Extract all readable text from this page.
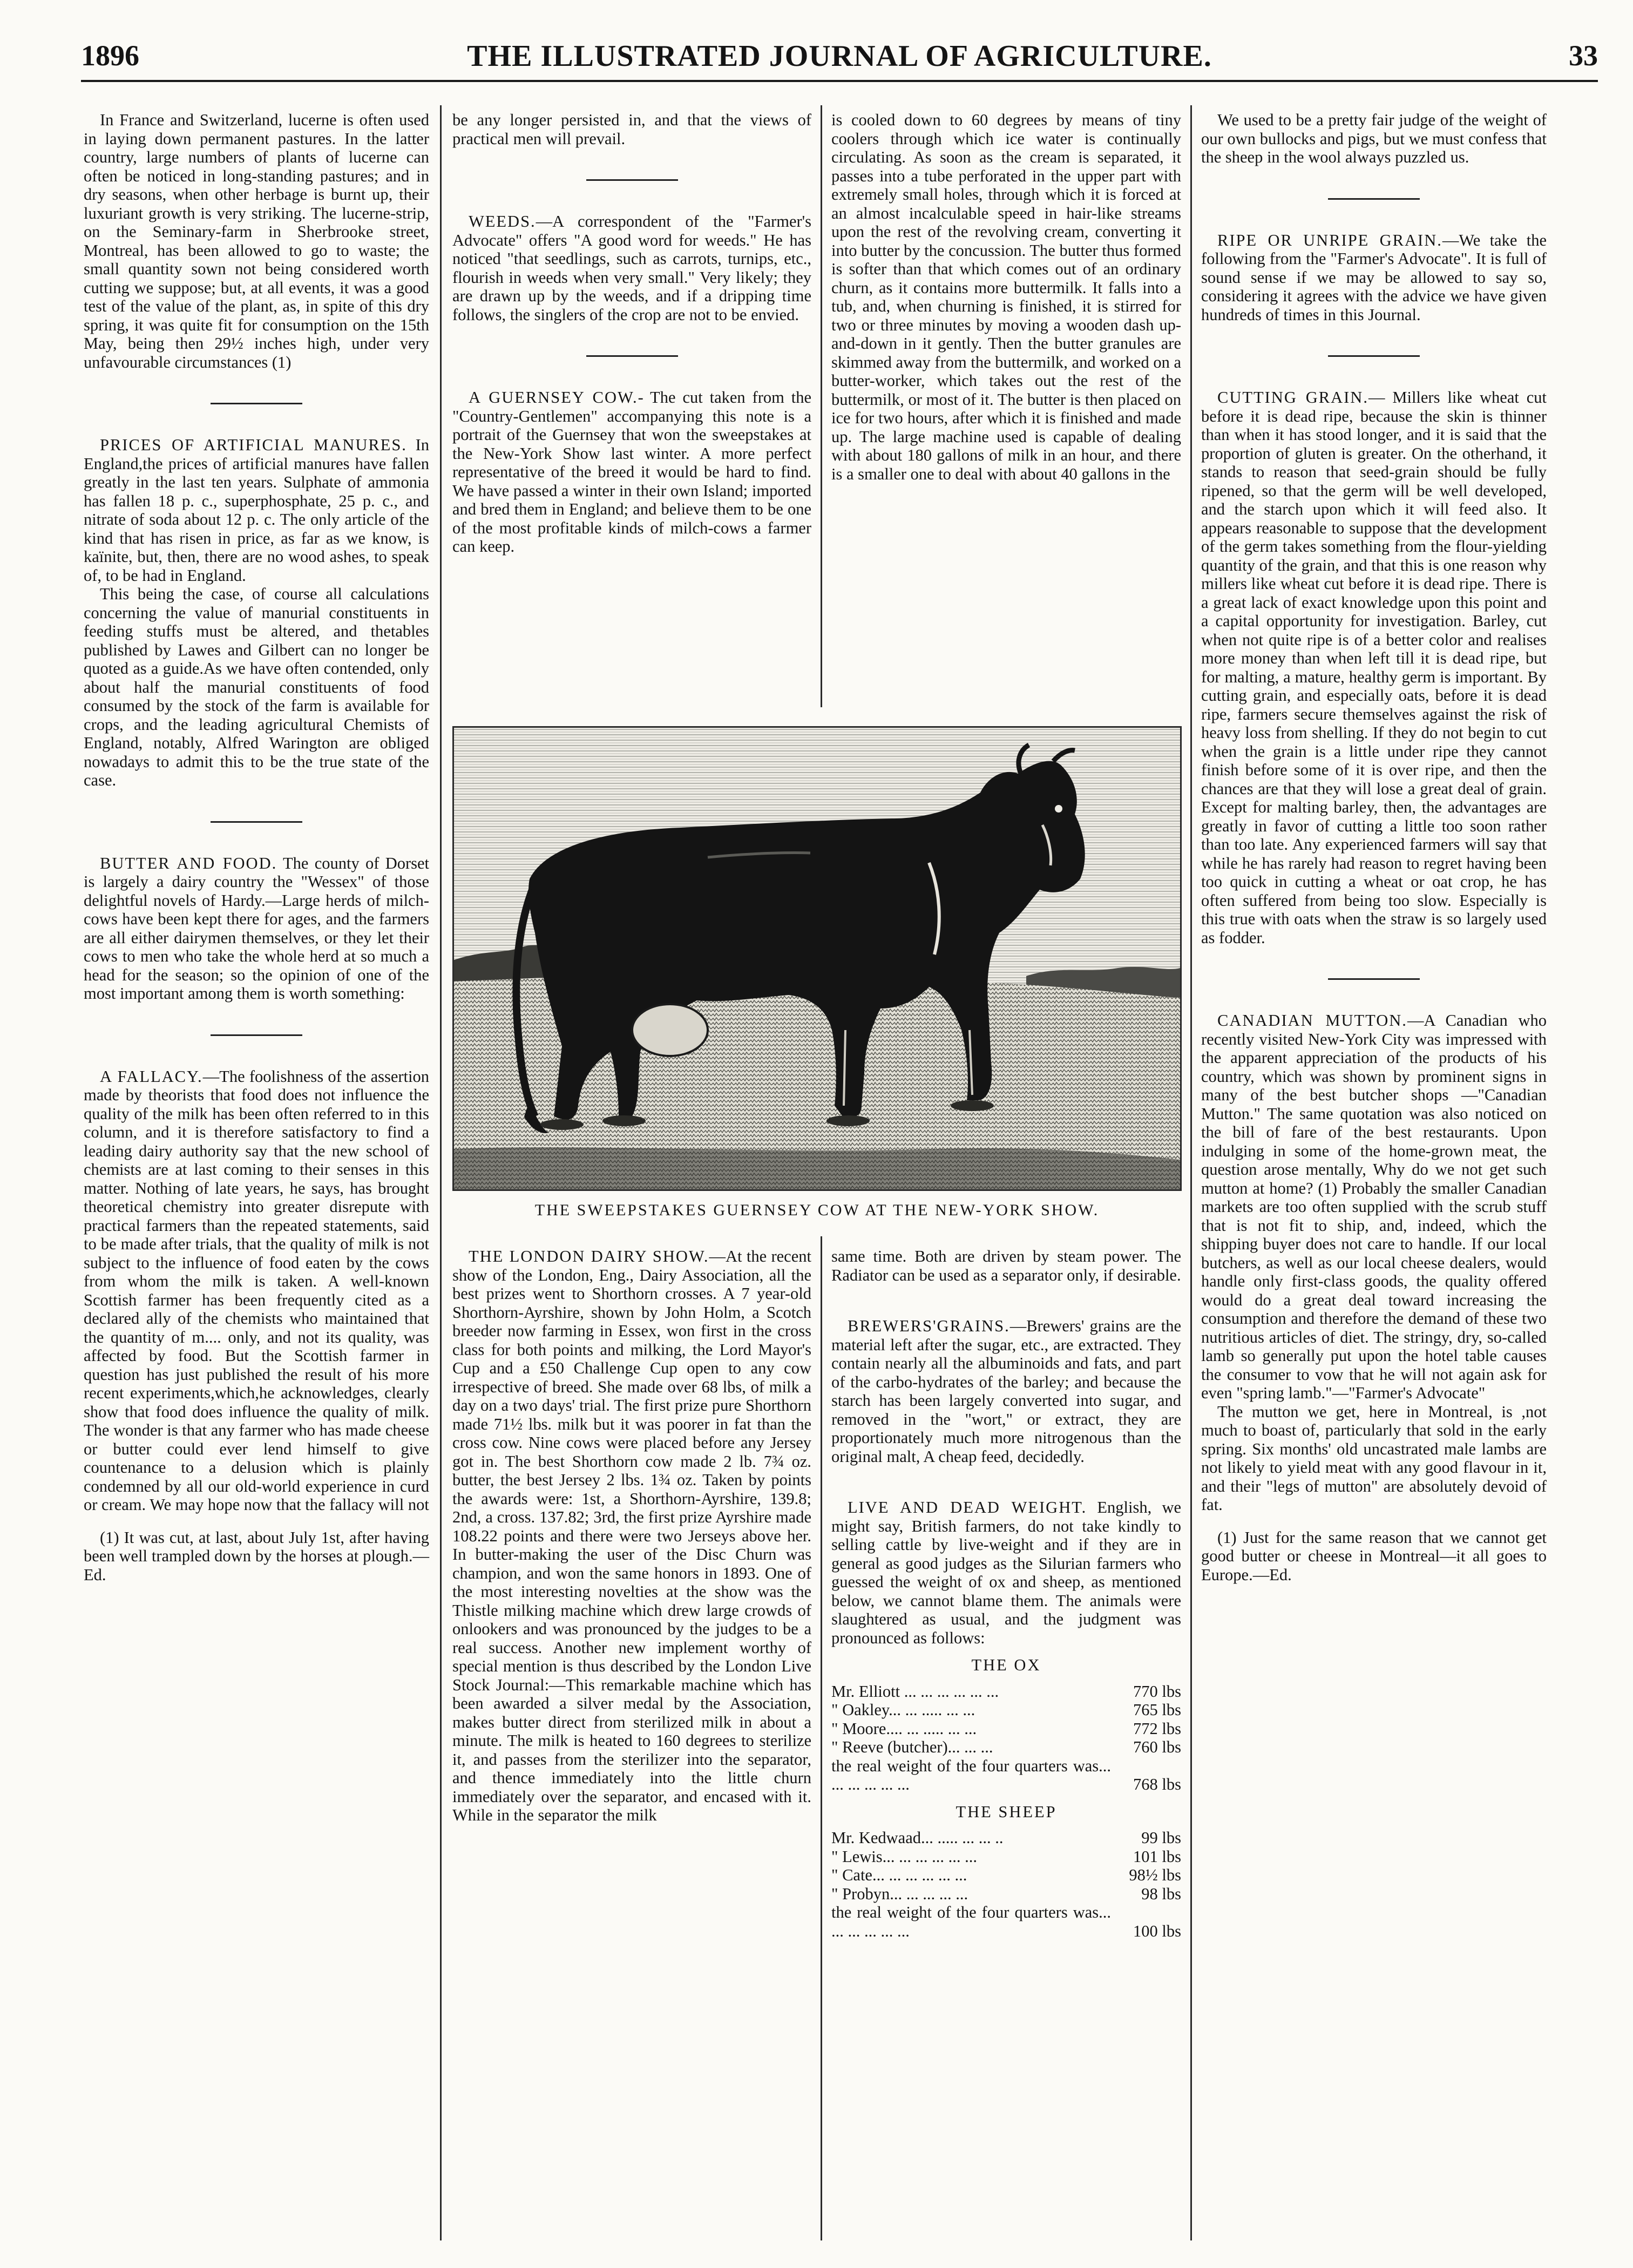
1896	THE ILLUSTRATED JOURNAL OF AGRICULTURE.	33

In France and Switzerland, lucerne is often used in laying down permanent pastures. In the latter country, large numbers of plants of lucerne can often be noticed in long-standing pastures; and in dry seasons, when other herbage is burnt up, their luxuriant growth is very striking. The lucerne-strip, on the Seminary-farm in Sherbrooke street, Montreal, has been allowed to go to waste; the small quantity sown not being considered worth cutting we suppose; but, at all events, it was a good test of the value of the plant, as, in spite of this dry spring, it was quite fit for consumption on the 15th May, being then 29½ inches high, under very unfavourable circumstances (1)

PRICES OF ARTIFICIAL MANURES. In England,the prices of artificial manures have fallen greatly in the last ten years. Sulphate of ammonia has fallen 18 p. c., superphosphate, 25 p. c., and nitrate of soda about 12 p. c. The only article of the kind that has risen in price, as far as we know, is kaïnite, but, then, there are no wood ashes, to speak of, to be had in England.

This being the case, of course all calculations concerning the value of manurial constituents in feeding stuffs must be altered, and thetables published by Lawes and Gilbert can no longer be quoted as a guide.As we have often contended, only about half the manurial constituents of food consumed by the stock of the farm is available for crops, and the leading agricultural Chemists of England, notably, Alfred Warington are obliged nowadays to admit this to be the true state of the case.

BUTTER AND FOOD. The county of Dorset is largely a dairy country the "Wessex" of those delightful novels of Hardy.—Large herds of milch-cows have been kept there for ages, and the farmers are all either dairymen themselves, or they let their cows to men who take the whole herd at so much a head for the season; so the opinion of one of the most important among them is worth something:

A FALLACY.—The foolishness of the assertion made by theorists that food does not influence the quality of the milk has been often referred to in this column, and it is therefore satisfactory to find a leading dairy authority say that the new school of chemists are at last coming to their senses in this matter. Nothing of late years, he says, has brought theoretical chemistry into greater disrepute with practical farmers than the repeated statements, said to be made after trials, that the quality of milk is not subject to the influence of food eaten by the cows from whom the milk is taken. A well-known Scottish farmer has been frequently cited as a declared ally of the chemists who maintained that the quantity of m.... only, and not its quality, was affected by food. But the Scottish farmer in question has just published the result of his more recent experiments,which,he acknowledges, clearly show that food does influence the quality of milk. The wonder is that any farmer who has made cheese or butter could ever lend himself to give countenance to a delusion which is plainly condemned by all our old-world experience in curd or cream. We may hope now that the fallacy will not

(1) It was cut, at last, about July 1st, after having been well trampled down by the horses at plough.—Ed.

be any longer persisted in, and that the views of practical men will prevail.

WEEDS.—A correspondent of the "Farmer's Advocate" offers "A good word for weeds." He has noticed "that seedlings, such as carrots, turnips, etc., flourish in weeds when very small." Very likely; they are drawn up by the weeds, and if a dripping time follows, the singlers of the crop are not to be envied.

A GUERNSEY COW.- The cut taken from the "Country-Gentlemen" accompanying this note is a portrait of the Guernsey that won the sweepstakes at the New-York Show last winter. A more perfect representative of the breed it would be hard to find. We have passed a winter in their own Island; imported and bred them in England; and believe them to be one of the most profitable kinds of milch-cows a farmer can keep.

is cooled down to 60 degrees by means of tiny coolers through which ice water is continually circulating. As soon as the cream is separated, it passes into a tube perforated in the upper part with extremely small holes, through which it is forced at an almost incalculable speed in hair-like streams upon the rest of the revolving cream, converting it into butter by the concussion. The butter thus formed is softer than that which comes out of an ordinary churn, as it contains more buttermilk. It falls into a tub, and, when churning is finished, it is stirred for two or three minutes by moving a wooden dash up-and-down in it gently. Then the butter granules are skimmed away from the buttermilk, and worked on a butter-worker, which takes out the rest of the buttermilk, or most of it. The butter is then placed on ice for two hours, after which it is finished and made up. The large machine used is capable of dealing with about 180 gallons of milk in an hour, and there is a smaller one to deal with about 40 gallons in the

THE SWEEPSTAKES GUERNSEY COW AT THE NEW-YORK SHOW.

THE LONDON DAIRY SHOW.—At the recent show of the London, Eng., Dairy Association, all the best prizes went to Shorthorn crosses. A 7 year-old Shorthorn-Ayrshire, shown by John Holm, a Scotch breeder now farming in Essex, won first in the cross class for both points and milking, the Lord Mayor's Cup and a £50 Challenge Cup open to any cow irrespective of breed. She made over 68 lbs, of milk a day on a two days' trial. The first prize pure Shorthorn made 71½ lbs. milk but it was poorer in fat than the cross cow. Nine cows were placed before any Jersey got in. The best Shorthorn cow made 2 lb. 7¾ oz. butter, the best Jersey 2 lbs. 1¾ oz. Taken by points the awards were: 1st, a Shorthorn-Ayrshire, 139.8; 2nd, a cross. 137.82; 3rd, the first prize Ayrshire made 108.22 points and there were two Jerseys above her. In butter-making the user of the Disc Churn was champion, and won the same honors in 1893. One of the most interesting novelties at the show was the Thistle milking machine which drew large crowds of onlookers and was pronounced by the judges to be a real success. Another new implement worthy of special mention is thus described by the London Live Stock Journal:—This remarkable machine which has been awarded a silver medal by the Association, makes butter direct from sterilized milk in about a minute. The milk is heated to 160 degrees to sterilize it, and passes from the sterilizer into the separator, and thence immediately into the little churn immediately over the separator, and encased with it. While in the separator the milk

same time. Both are driven by steam power. The Radiator can be used as a separator only, if desirable.

BREWERS'GRAINS.—Brewers' grains are the material left after the sugar, etc., are extracted. They contain nearly all the albuminoids and fats, and part of the carbo-hydrates of the barley; and because the starch has been largely converted into sugar, and removed in the "wort," or extract, they are proportionately much more nitrogenous than the original malt, A cheap feed, decidedly.

LIVE AND DEAD WEIGHT. English, we might say, British farmers, do not take kindly to selling cattle by live-weight and if they are in general as good judges as the Silurian farmers who guessed the weight of ox and sheep, as mentioned below, we cannot blame them. The animals were slaughtered as usual, and the judgment was pronounced as follows:

THE OX
Mr. Elliott ... ... ... ... ... ...	770 lbs
" Oakley... ... ..... ... ...	765 lbs
" Moore.... ... ..... ... ...	772 lbs
" Reeve (butcher)... ... ...	760 lbs
the real weight of the four quarters was... ... ... ... ... ...	768 lbs
THE SHEEP
Mr. Kedwaad... ..... ... ... ..	99 lbs
" Lewis... ... ... ... ... ...	101 lbs
" Cate... ... ... ... ... ...	98½ lbs
" Probyn... ... ... ... ...	98 lbs
the real weight of the four quarters was... ... ... ... ... ...	100 lbs

We used to be a pretty fair judge of the weight of our own bullocks and pigs, but we must confess that the sheep in the wool always puzzled us.

RIPE OR UNRIPE GRAIN.—We take the following from the "Farmer's Advocate". It is full of sound sense if we may be allowed to say so, considering it agrees with the advice we have given hundreds of times in this Journal.

CUTTING GRAIN.— Millers like wheat cut before it is dead ripe, because the skin is thinner than when it has stood longer, and it is said that the proportion of gluten is greater. On the otherhand, it stands to reason that seed-grain should be fully ripened, so that the germ will be well developed, and the starch upon which it will feed also. It appears reasonable to suppose that the development of the germ takes something from the flour-yielding quantity of the grain, and that this is one reason why millers like wheat cut before it is dead ripe. There is a great lack of exact knowledge upon this point and a capital opportunity for investigation. Barley, cut when not quite ripe is of a better color and realises more money than when left till it is dead ripe, but for malting, a mature, healthy germ is important. By cutting grain, and especially oats, before it is dead ripe, farmers secure themselves against the risk of heavy loss from shelling. If they do not begin to cut when the grain is a little under ripe they cannot finish before some of it is over ripe, and then the chances are that they will lose a great deal of grain. Except for malting barley, then, the advantages are greatly in favor of cutting a little too soon rather than too late. Any experienced farmers will say that while he has rarely had reason to regret having been too quick in cutting a wheat or oat crop, he has often suffered from being too slow. Especially is this true with oats when the straw is so largely used as fodder.

CANADIAN MUTTON.—A Canadian who recently visited New-York City was impressed with the apparent appreciation of the products of his country, which was shown by prominent signs in many of the best butcher shops —"Canadian Mutton." The same quotation was also noticed on the bill of fare of the best restaurants. Upon indulging in some of the home-grown meat, the question arose mentally, Why do we not get such mutton at home? (1) Probably the smaller Canadian markets are too often supplied with the scrub stuff that is not fit to ship, and, indeed, which the shipping buyer does not care to handle. If our local butchers, as well as our local cheese dealers, would handle only first-class goods, the quality offered would do a great deal toward increasing the consumption and therefore the demand of these two nutritious articles of diet. The stringy, dry, so-called lamb so generally put upon the hotel table causes the consumer to vow that he will not again ask for even "spring lamb."—"Farmer's Advocate"

The mutton we get, here in Montreal, is ,not much to boast of, particularly that sold in the early spring. Six months' old uncastrated male lambs are not likely to yield meat with any good flavour in it, and their "legs of mutton" are absolutely devoid of fat.

(1) Just for the same reason that we cannot get good butter or cheese in Montreal—it all goes to Europe.—Ed.
